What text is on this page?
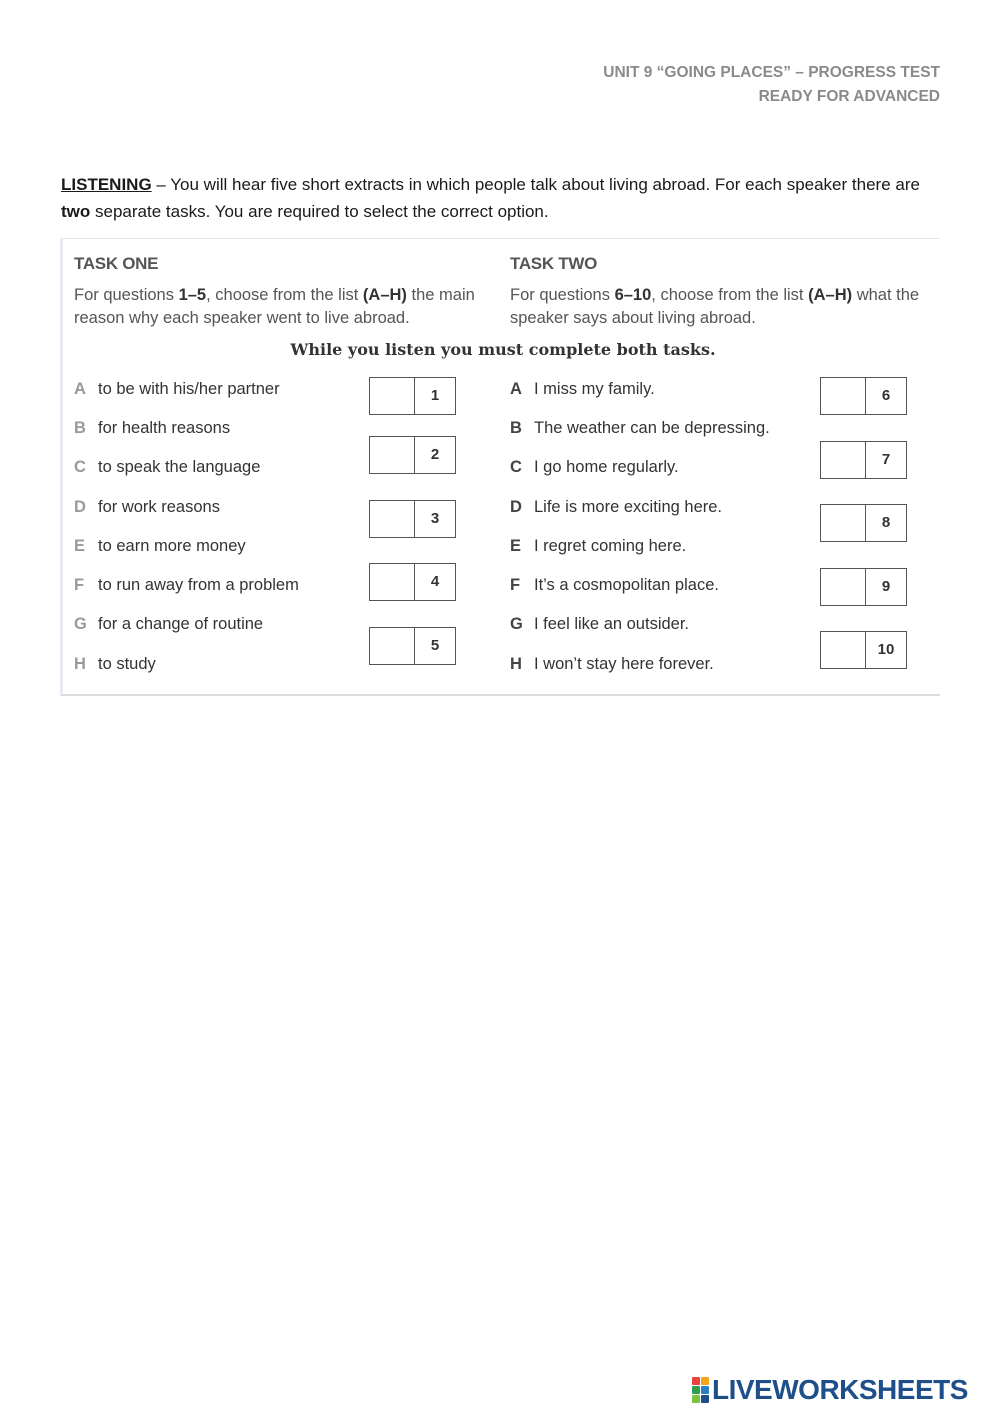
UNIT 9 “GOING PLACES” – PROGRESS TEST
READY FOR ADVANCED
LISTENING – You will hear five short extracts in which people talk about living abroad. For each speaker there are two separate tasks. You are required to select the correct option.
TASK ONE
For questions 1–5, choose from the list (A–H) the main reason why each speaker went to live abroad.
TASK TWO
For questions 6–10, choose from the list (A–H) what the speaker says about living abroad.
While you listen you must complete both tasks.
A to be with his/her partner
B for health reasons
C to speak the language
D for work reasons
E to earn more money
F to run away from a problem
G for a change of routine
H to study
1
2
3
4
5
A I miss my family.
B The weather can be depressing.
C I go home regularly.
D Life is more exciting here.
E I regret coming here.
F It’s a cosmopolitan place.
G I feel like an outsider.
H I won’t stay here forever.
6
7
8
9
10
LIVEWORKSHEETS
